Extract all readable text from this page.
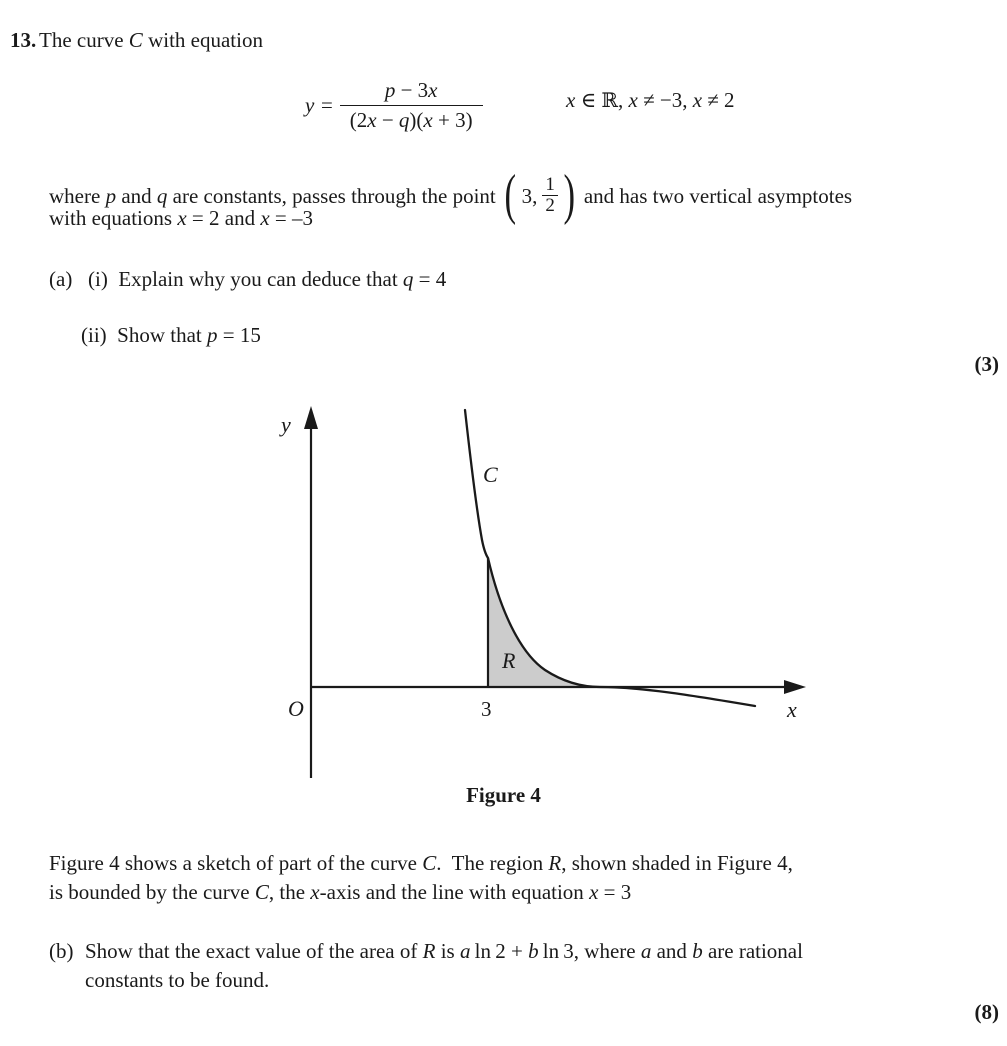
13. The curve C with equation
$y = \frac{p - 3x}{(2x - q)(x + 3)}$	x ∈ ℝ, x ≠ −3, x ≠ 2
where p and q are constants, passes through the point ( 3, 1
2 ) and has two vertical asymptotes
with equations x = 2 and x = –3
(a) (i)  Explain why you can deduce that q = 4
(ii)  Show that p = 15
(3)
y
C
R
O	x
3
Figure 4
Figure 4 shows a sketch of part of the curve C.  The region R, shown shaded in Figure 4,
is bounded by the curve C, the x-axis and the line with equation x = 3
(b) Show that the exact value of the area of R is a ln 2 + b ln 3, where a and b are rational
constants to be found.
(8)
